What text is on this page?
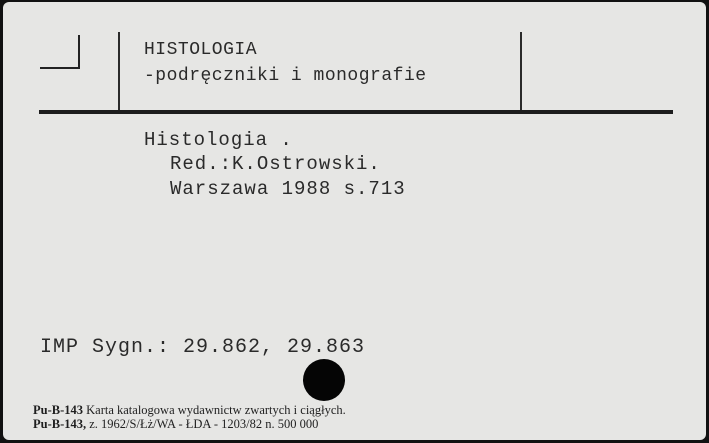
HISTOLOGIA
-podręczniki i monografie
Histologia .
Red.:K.Ostrowski.
Warszawa 1988 s.713
IMP Sygn.: 29.862, 29.863
Pu-B-143 Karta katalogowa wydawnictw zwartych i ciągłych.
Pu-B-143, z. 1962/S/Łż/WA - ŁDA - 1203/82 n. 500 000
